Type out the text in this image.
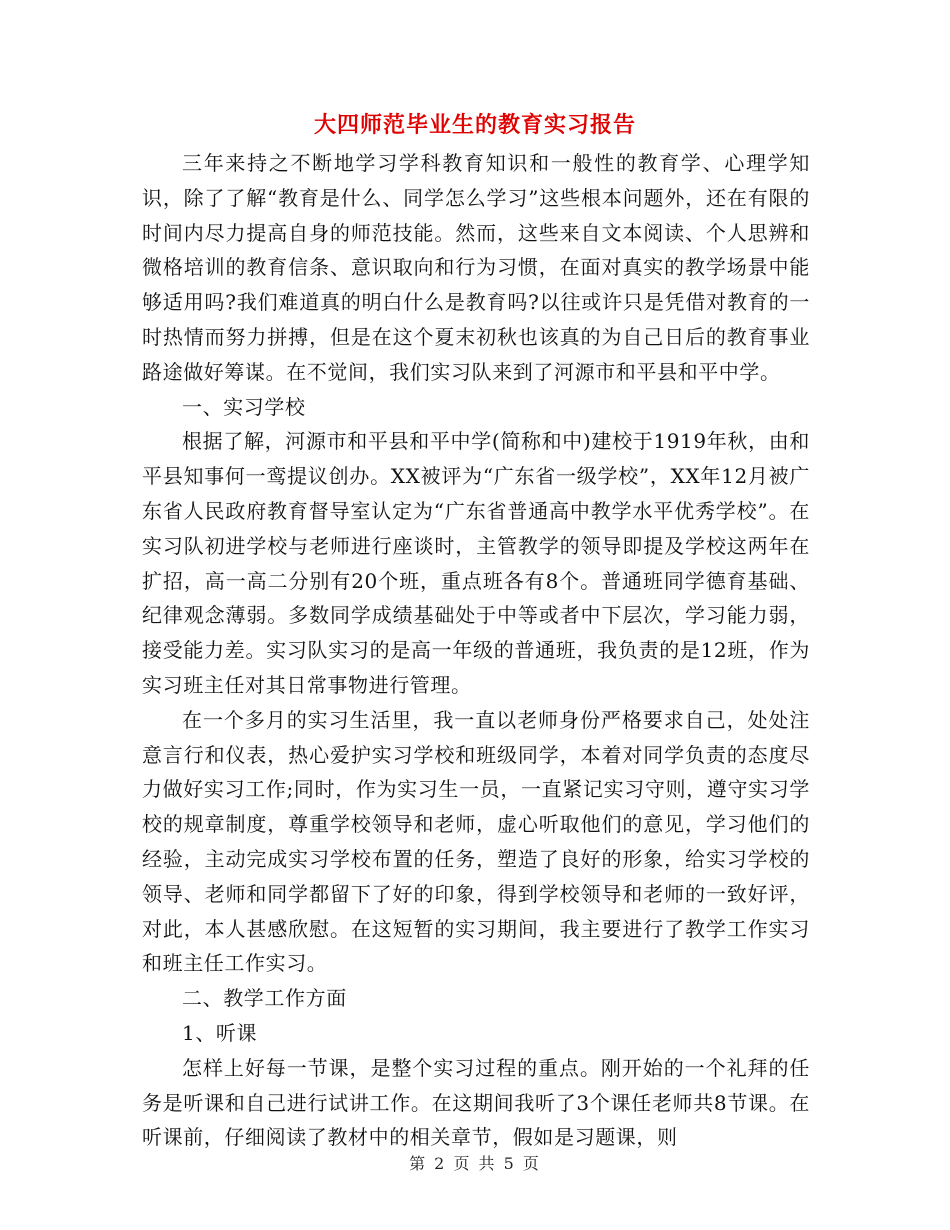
大四师范毕业生的教育实习报告

三年来持之不断地学习学科教育知识和一般性的教育学、心理学知识，除了了解“教育是什么、同学怎么学习”这些根本问题外，还在有限的时间内尽力提高自身的师范技能。然而，这些来自文本阅读、个人思辨和微格培训的教育信条、意识取向和行为习惯，在面对真实的教学场景中能够适用吗?我们难道真的明白什么是教育吗?以往或许只是凭借对教育的一时热情而努力拼搏，但是在这个夏末初秋也该真的为自己日后的教育事业路途做好筹谋。在不觉间，我们实习队来到了河源市和平县和平中学。

一、实习学校

根据了解，河源市和平县和平中学(简称和中)建校于1919年秋，由和平县知事何一鸾提议创办。XX被评为“广东省一级学校”，XX年12月被广东省人民政府教育督导室认定为“广东省普通高中教学水平优秀学校”。在实习队初进学校与老师进行座谈时，主管教学的领导即提及学校这两年在扩招，高一高二分别有20个班，重点班各有8个。普通班同学德育基础、纪律观念薄弱。多数同学成绩基础处于中等或者中下层次，学习能力弱，接受能力差。实习队实习的是高一年级的普通班，我负责的是12班，作为实习班主任对其日常事物进行管理。

在一个多月的实习生活里，我一直以老师身份严格要求自己，处处注意言行和仪表，热心爱护实习学校和班级同学，本着对同学负责的态度尽力做好实习工作;同时，作为实习生一员，一直紧记实习守则，遵守实习学校的规章制度，尊重学校领导和老师，虚心听取他们的意见，学习他们的经验，主动完成实习学校布置的任务，塑造了良好的形象，给实习学校的领导、老师和同学都留下了好的印象，得到学校领导和老师的一致好评，对此，本人甚感欣慰。在这短暂的实习期间，我主要进行了教学工作实习和班主任工作实习。

二、教学工作方面

1、听课

怎样上好每一节课，是整个实习过程的重点。刚开始的一个礼拜的任务是听课和自己进行试讲工作。在这期间我听了3个课任老师共8节课。在听课前，仔细阅读了教材中的相关章节，假如是习题课，则

第 2 页 共 5 页
